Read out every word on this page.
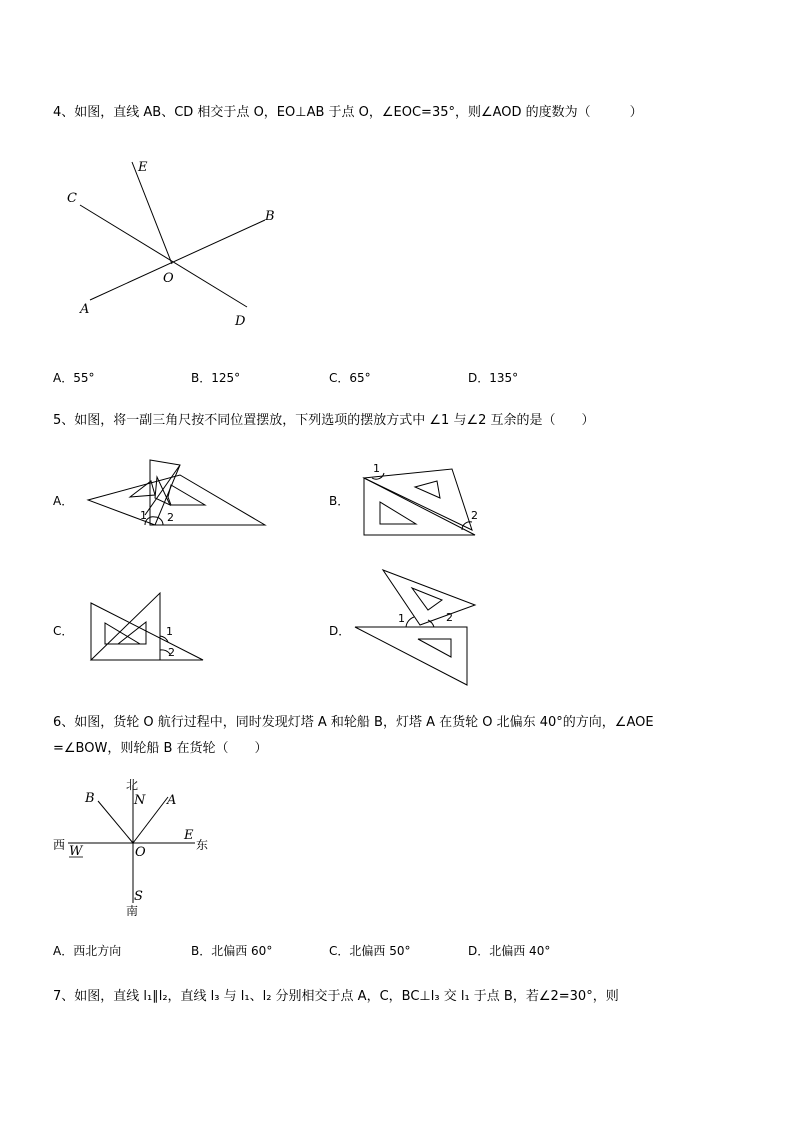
4、如图，直线 AB、CD 相交于点 O，EO⊥AB 于点 O，∠EOC=35°，则∠AOD 的度数为（　　　）
E
C
B
O
A
D
A．55°	B．125°	C．65°	D．135°
5、如图，将一副三角尺按不同位置摆放，下列选项的摆放方式中 ∠1 与∠2 互余的是（　　）
A．
1 2
B．
1
2
C．	1
2
D．
1	2
6、如图，货轮 O 航行过程中，同时发现灯塔 A 和轮船 B，灯塔 A 在货轮 O 北偏东 40°的方向，∠AOE
=∠BOW，则轮船 B 在货轮（　　）
北
N A
B
E
东
西 W	O
S
南
A．西北方向	B．北偏西 60°	C．北偏西 50°	D．北偏西 40°
7、如图，直线 l₁∥l₂，直线 l₃ 与 l₁、l₂ 分别相交于点 A，C，BC⊥l₃ 交 l₁ 于点 B，若∠2=30°，则
